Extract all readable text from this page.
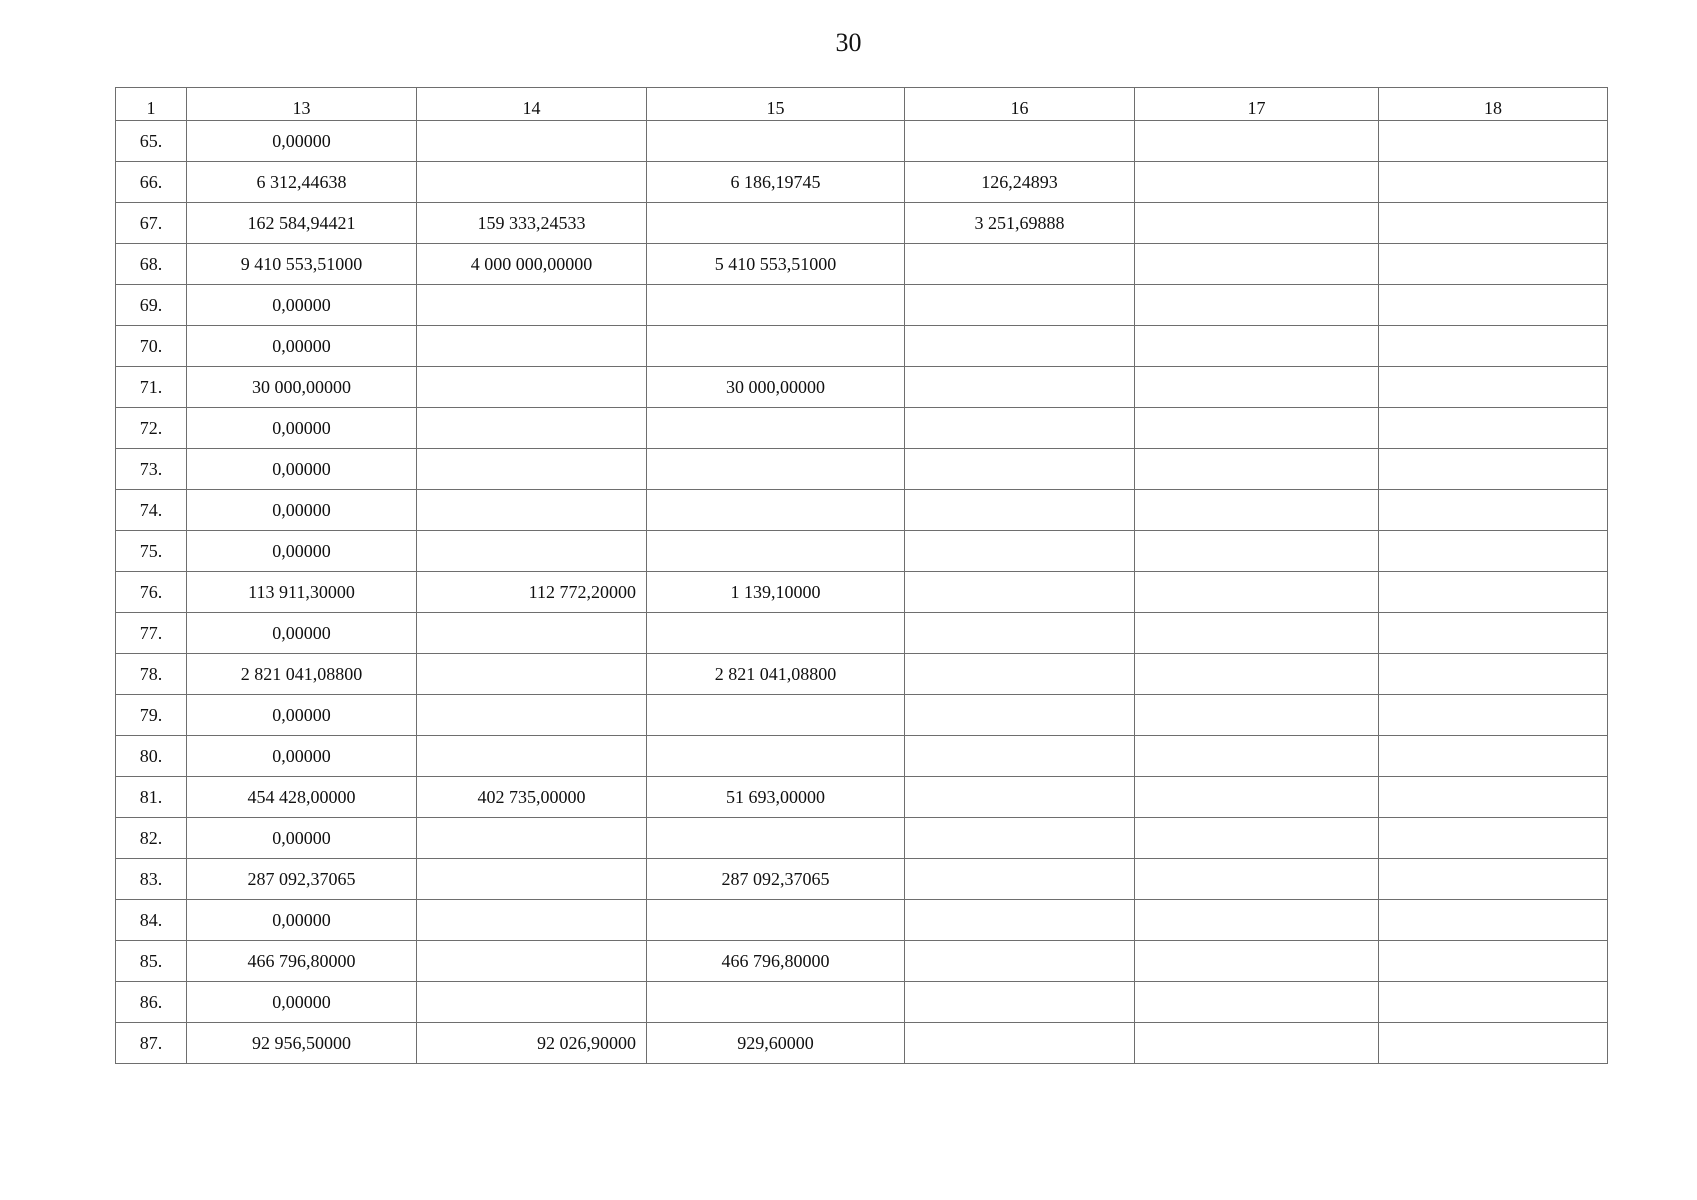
30
1	13	14	15	16	17	18
65.	0,00000					
66.	6 312,44638		6 186,19745	126,24893		
67.	162 584,94421	159 333,24533		3 251,69888		
68.	9 410 553,51000	4 000 000,00000	5 410 553,51000			
69.	0,00000					
70.	0,00000					
71.	30 000,00000		30 000,00000			
72.	0,00000					
73.	0,00000					
74.	0,00000					
75.	0,00000					
76.	113 911,30000	112 772,20000	1 139,10000			
77.	0,00000					
78.	2 821 041,08800		2 821 041,08800			
79.	0,00000					
80.	0,00000					
81.	454 428,00000	402 735,00000	51 693,00000			
82.	0,00000					
83.	287 092,37065		287 092,37065			
84.	0,00000					
85.	466 796,80000		466 796,80000			
86.	0,00000					
87.	92 956,50000	92 026,90000	929,60000			
